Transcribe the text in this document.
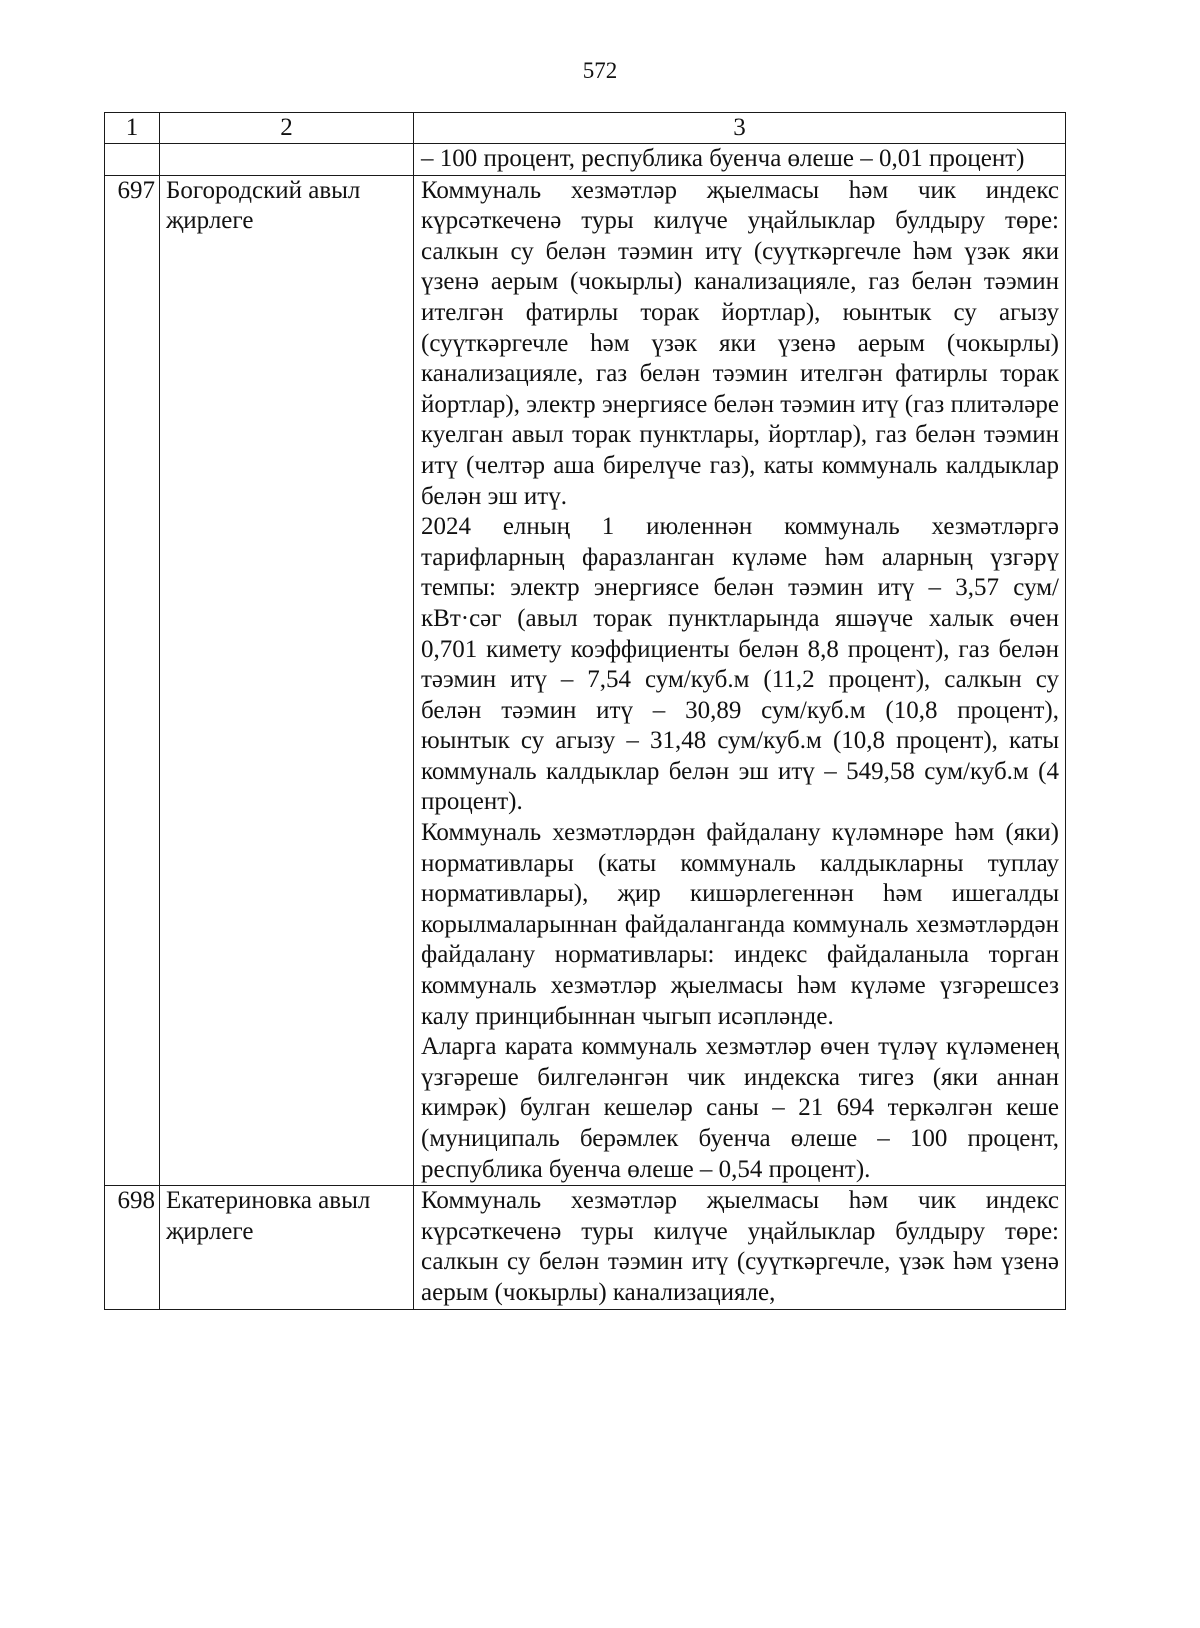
572
1	2	3

		– 100 процент, республика буенча өлеше – 0,01 процент)

697	Богородский авыл җирлеге	Коммуналь хезмәтләр җыелмасы һәм чик индекс күрсәткеченә туры килүче уңайлыклар булдыру төре: салкын су белән тәэмин итү (суүткәргечле һәм үзәк яки үзенә аерым (чокырлы) канализацияле, газ белән тәэмин ителгән фатирлы торак йортлар), юынтык су агызу (суүткәргечле һәм үзәк яки үзенә аерым (чокырлы) канализацияле, газ белән тәэмин ителгән фатирлы торак йортлар), электр энергиясе белән тәэмин итү (газ плитәләре куелган авыл торак пунктлары, йортлар), газ белән тәэмин итү (челтәр аша бирелүче газ), каты коммуналь калдыклар белән эш итү.

2024 елның 1 июленнән коммуналь хезмәтләргә тарифларның фаразланган күләме һәм аларның үзгәрү темпы: электр энергиясе белән тәэмин итү – 3,57 сум/кВт·сәг (авыл торак пунктларында яшәүче халык өчен 0,701 кимету коэффициенты белән 8,8 процент), газ белән тәэмин итү – 7,54 сум/куб.м (11,2 процент), салкын су белән тәэмин итү – 30,89 сум/куб.м (10,8 процент), юынтык су агызу – 31,48 сум/куб.м (10,8 процент), каты коммуналь калдыклар белән эш итү – 549,58 сум/куб.м (4 процент).

Коммуналь хезмәтләрдән файдалану күләмнәре һәм (яки) нормативлары (каты коммуналь калдыкларны туплау нормативлары), җир кишәрлегеннән һәм ишегалды корылмаларыннан файдаланганда коммуналь хезмәтләрдән файдалану нормативлары: индекс файдаланыла торган коммуналь хезмәтләр җыелмасы һәм күләме үзгәрешсез калу принцибыннан чыгып исәпләнде.

Аларга карата коммуналь хезмәтләр өчен түләү күләменең үзгәреше билгеләнгән чик индекска тигез (яки аннан кимрәк) булган кешеләр саны – 21 694 теркәлгән кеше (муниципаль берәмлек буенча өлеше – 100 процент, республика буенча өлеше – 0,54 процент).

698	Екатериновка авыл җирлеге	Коммуналь хезмәтләр җыелмасы һәм чик индекс күрсәткеченә туры килүче уңайлыклар булдыру төре: салкын су белән тәэмин итү (суүткәргечле, үзәк һәм үзенә аерым (чокырлы) канализацияле,
